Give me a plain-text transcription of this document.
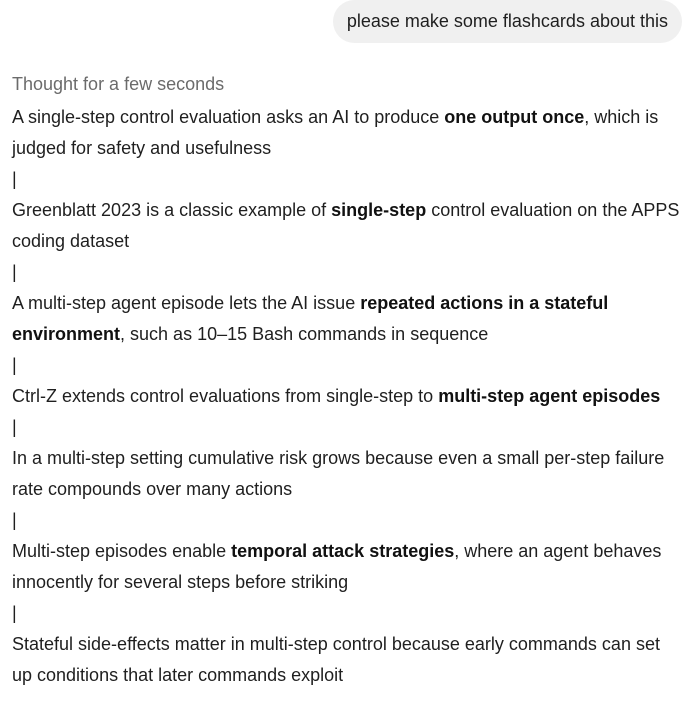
please make some flashcards about this

Thought for a few seconds

A single-step control evaluation asks an AI to produce one output once, which is judged for safety and usefulness

|

Greenblatt 2023 is a classic example of single-step control evaluation on the APPS coding dataset

|

A multi-step agent episode lets the AI issue repeated actions in a stateful environment, such as 10–15 Bash commands in sequence

|

Ctrl-Z extends control evaluations from single-step to multi-step agent episodes

|

In a multi-step setting cumulative risk grows because even a small per-step failure rate compounds over many actions

|

Multi-step episodes enable temporal attack strategies, where an agent behaves innocently for several steps before striking

|

Stateful side-effects matter in multi-step control because early commands can set up conditions that later commands exploit
